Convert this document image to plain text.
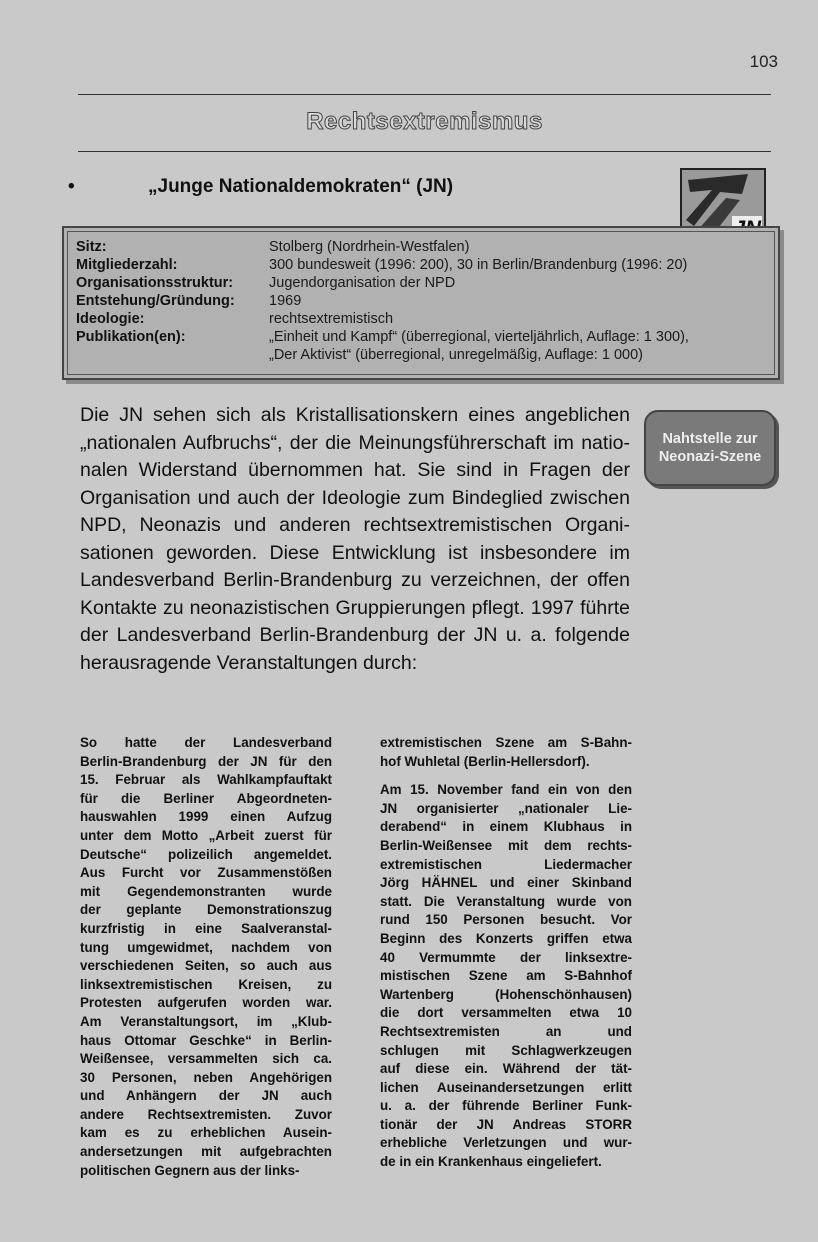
103
Rechtsextremismus
•	„Junge Nationaldemokraten“ (JN)
Sitz:	Stolberg (Nordrhein-Westfalen)
Mitgliederzahl:	300 bundesweit (1996: 200), 30 in Berlin/Brandenburg (1996: 20)
Organisationsstruktur:	Jugendorganisation der NPD
Entstehung/Gründung:	1969
Ideologie:	rechtsextremistisch
Publikation(en):	„Einheit und Kampf“ (überregional, vierteljährlich, Auflage: 1 300),
„Der Aktivist“ (überregional, unregelmäßig, Auflage: 1 000)
Die JN sehen sich als Kristallisationskern eines angeblichen
„nationalen Aufbruchs“, der die Meinungsführerschaft im natio-
nalen Widerstand übernommen hat. Sie sind in Fragen der
Organisation und auch der Ideologie zum Bindeglied zwischen
NPD, Neonazis und anderen rechtsextremistischen Organi-
sationen geworden. Diese Entwicklung ist insbesondere im
Landesverband Berlin-Brandenburg zu verzeichnen, der offen
Kontakte zu neonazistischen Gruppierungen pflegt. 1997 führte
der Landesverband Berlin-Brandenburg der JN u. a. folgende
herausragende Veranstaltungen durch:
Nahtstelle zur
Neonazi-Szene

So hatte der Landesverband
Berlin-Brandenburg der JN für den
15. Februar als Wahlkampfauftakt
für die Berliner Abgeordneten-
hauswahlen 1999 einen Aufzug
unter dem Motto „Arbeit zuerst für
Deutsche“ polizeilich angemeldet.
Aus Furcht vor Zusammenstößen
mit Gegendemonstranten wurde
der geplante Demonstrationszug
kurzfristig in eine Saalveranstal-
tung umgewidmet, nachdem von
verschiedenen Seiten, so auch aus
linksextremistischen Kreisen, zu
Protesten aufgerufen worden war.
Am Veranstaltungsort, im „Klub-
haus Ottomar Geschke“ in Berlin-
Weißensee, versammelten sich ca.
30 Personen, neben Angehörigen
und Anhängern der JN auch
andere Rechtsextremisten. Zuvor
kam es zu erheblichen Ausein-
andersetzungen mit aufgebrachten
politischen Gegnern aus der links-

extremistischen Szene am S-Bahn-
hof Wuhletal (Berlin-Hellersdorf).

Am 15. November fand ein von den
JN organisierter „nationaler Lie-
derabend“ in einem Klubhaus in
Berlin-Weißensee mit dem rechts-
extremistischen Liedermacher
Jörg HÄHNEL und einer Skinband
statt. Die Veranstaltung wurde von
rund 150 Personen besucht. Vor
Beginn des Konzerts griffen etwa
40 Vermummte der linksextre-
mistischen Szene am S-Bahnhof
Wartenberg (Hohenschönhausen)
die dort versammelten etwa 10
Rechtsextremisten an und
schlugen mit Schlagwerkzeugen
auf diese ein. Während der tät-
lichen Auseinandersetzungen erlitt
u. a. der führende Berliner Funk-
tionär der JN Andreas STORR
erhebliche Verletzungen und wur-
de in ein Krankenhaus eingeliefert.
